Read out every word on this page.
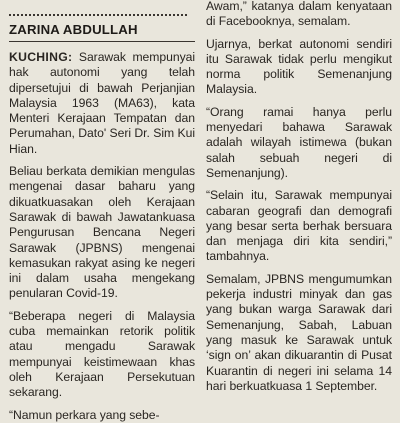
ZARINA ABDULLAH

KUCHING: Sarawak mempunyai hak autonomi yang telah dipersetujui di bawah Perjanjian Malaysia 1963 (MA63), kata Menteri Kerajaan Tempatan dan Perumahan, Dato' Seri Dr. Sim Kui Hian.

Beliau berkata demikian mengulas mengenai dasar baharu yang dikuatkuasakan oleh Kerajaan Sarawak di bawah Jawatankuasa Pengurusan Bencana Negeri Sarawak (JPBNS) mengenai kemasukan rakyat asing ke negeri ini dalam usaha mengekang penularan Covid-19.

“Beberapa negeri di Malaysia cuba memainkan retorik politik atau mengadu Sarawak mempunyai keistimewaan khas oleh Kerajaan Persekutuan sekarang.

“Namun perkara yang sebe-

Awam,” katanya dalam kenyataan di Facebooknya, semalam.

Ujarnya, berkat autonomi sendiri itu Sarawak tidak perlu mengikut norma politik Semenanjung Malaysia.

“Orang ramai hanya perlu menyedari bahawa Sarawak adalah wilayah istimewa (bukan salah sebuah negeri di Semenanjung).

“Selain itu, Sarawak mempunyai cabaran geografi dan demografi yang besar serta berhak bersuara dan menjaga diri kita sendiri,” tambahnya.

Semalam, JPBNS mengumumkan pekerja industri minyak dan gas yang bukan warga Sarawak dari Semenanjung, Sabah, Labuan yang masuk ke Sarawak untuk ‘sign on’ akan dikuarantin di Pusat Kuarantin di negeri ini selama 14 hari berkuatkuasa 1 September.
